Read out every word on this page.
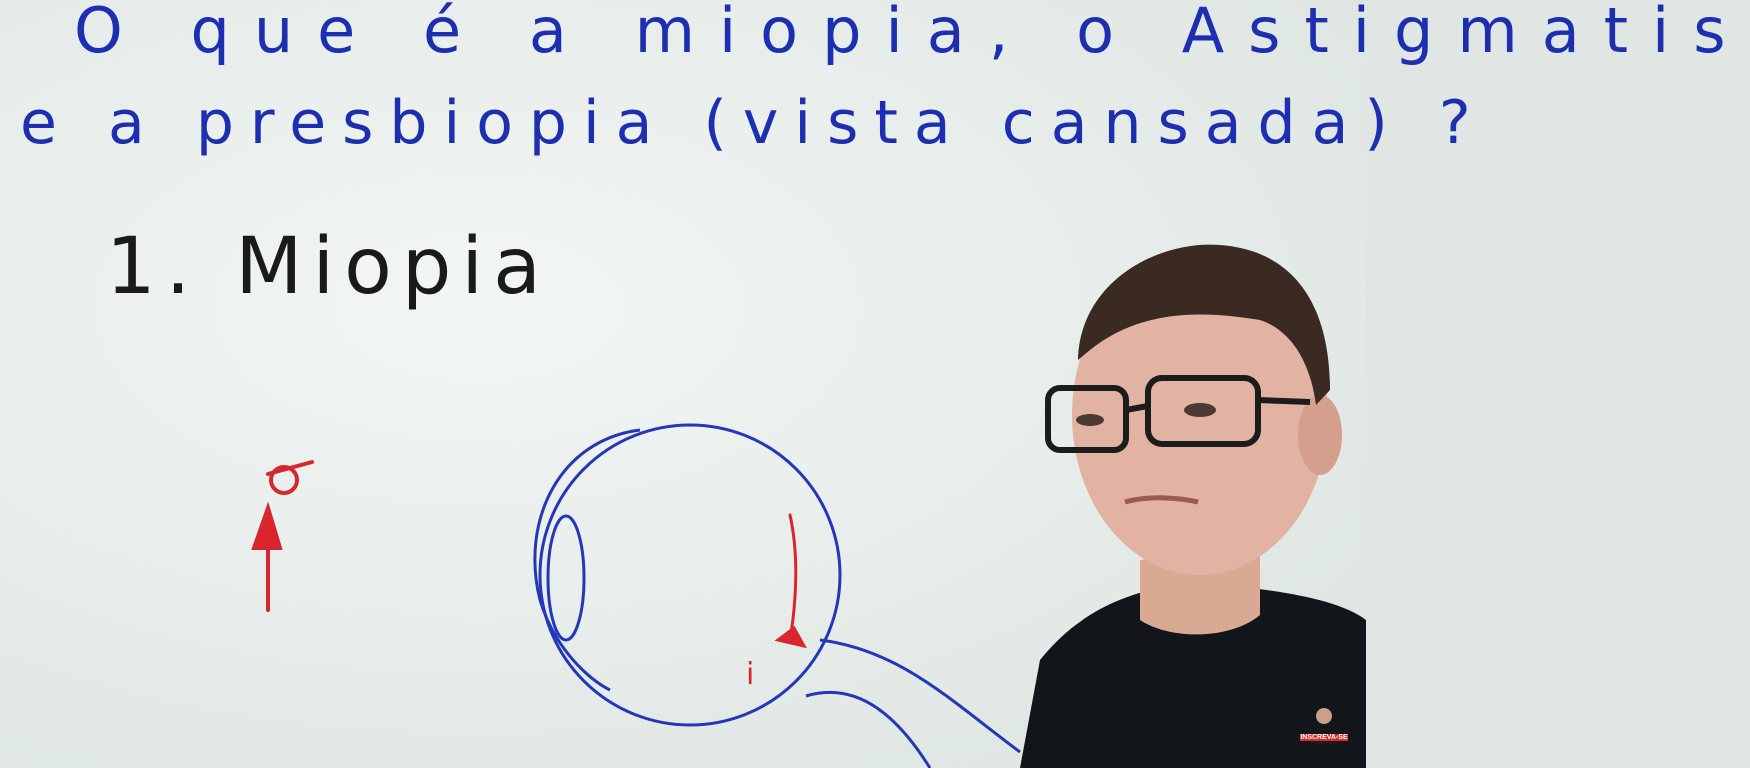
O que é a miopia, o Astigmatis
e a presbiopia (vista cansada) ?
1. Miopia
i
INSCREVA-SE
